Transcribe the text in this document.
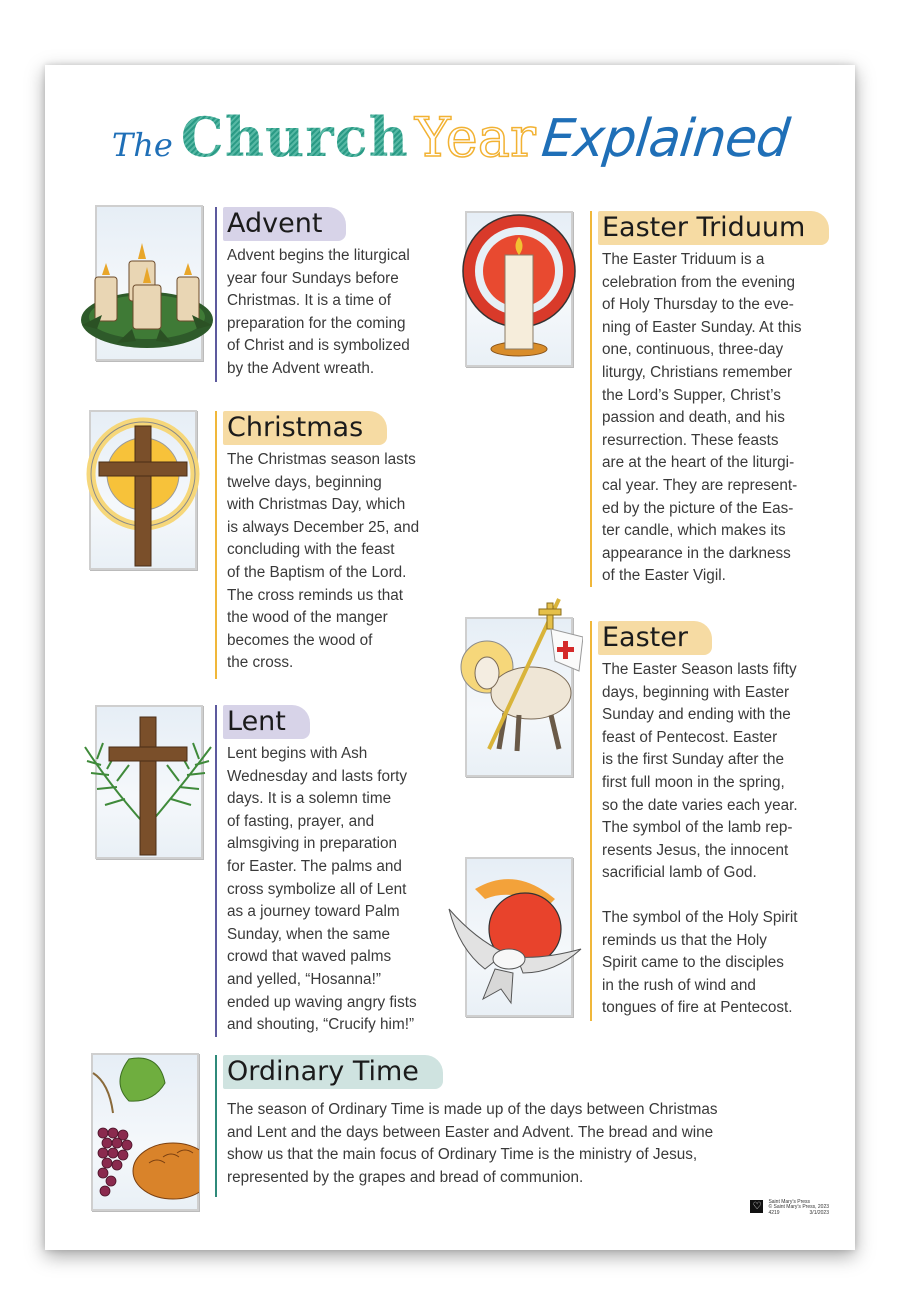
The Church YearExplained
Advent
Advent begins the liturgical
year four Sundays before
Christmas. It is a time of
preparation for the coming
of Christ and is symbolized
by the Advent wreath.
Christmas
The Christmas season lasts
twelve days, beginning
with Christmas Day, which
is always December 25, and
concluding with the feast
of the Baptism of the Lord.
The cross reminds us that
the wood of the manger
becomes the wood of
the cross.
Lent
Lent begins with Ash
Wednesday and lasts forty
days. It is a solemn time
of fasting, prayer, and
almsgiving in preparation
for Easter. The palms and
cross symbolize all of Lent
as a journey toward Palm
Sunday, when the same
crowd that waved palms
and yelled, “Hosanna!”
ended up waving angry fists
and shouting, “Crucify him!”
Easter Triduum
The Easter Triduum is a
celebration from the evening
of Holy Thursday to the eve-
ning of Easter Sunday. At this
one, continuous, three-day
liturgy, Christians remember
the Lord’s Supper, Christ’s
passion and death, and his
resurrection. These feasts
are at the heart of the liturgi-
cal year. They are represent-
ed by the picture of the Eas-
ter candle, which makes its
appearance in the darkness
of the Easter Vigil.
Easter
The Easter Season lasts fifty
days, beginning with Easter
Sunday and ending with the
feast of Pentecost. Easter
is the first Sunday after the
first full moon in the spring,
so the date varies each year.
The symbol of the lamb rep-
resents Jesus, the innocent
sacrificial lamb of God.
The symbol of the Holy Spirit
reminds us that the Holy
Spirit came to the disciples
in the rush of wind and
tongues of fire at Pentecost.
Ordinary Time
The season of Ordinary Time is made up of the days between Christmas
and Lent and the days between Easter and Advent. The bread and wine
show us that the main focus of Ordinary Time is the ministry of Jesus,
represented by the grapes and bread of communion.
♡	Saint Mary’s Press
© Saint Mary’s Press, 2023
4219	3/1/2023
